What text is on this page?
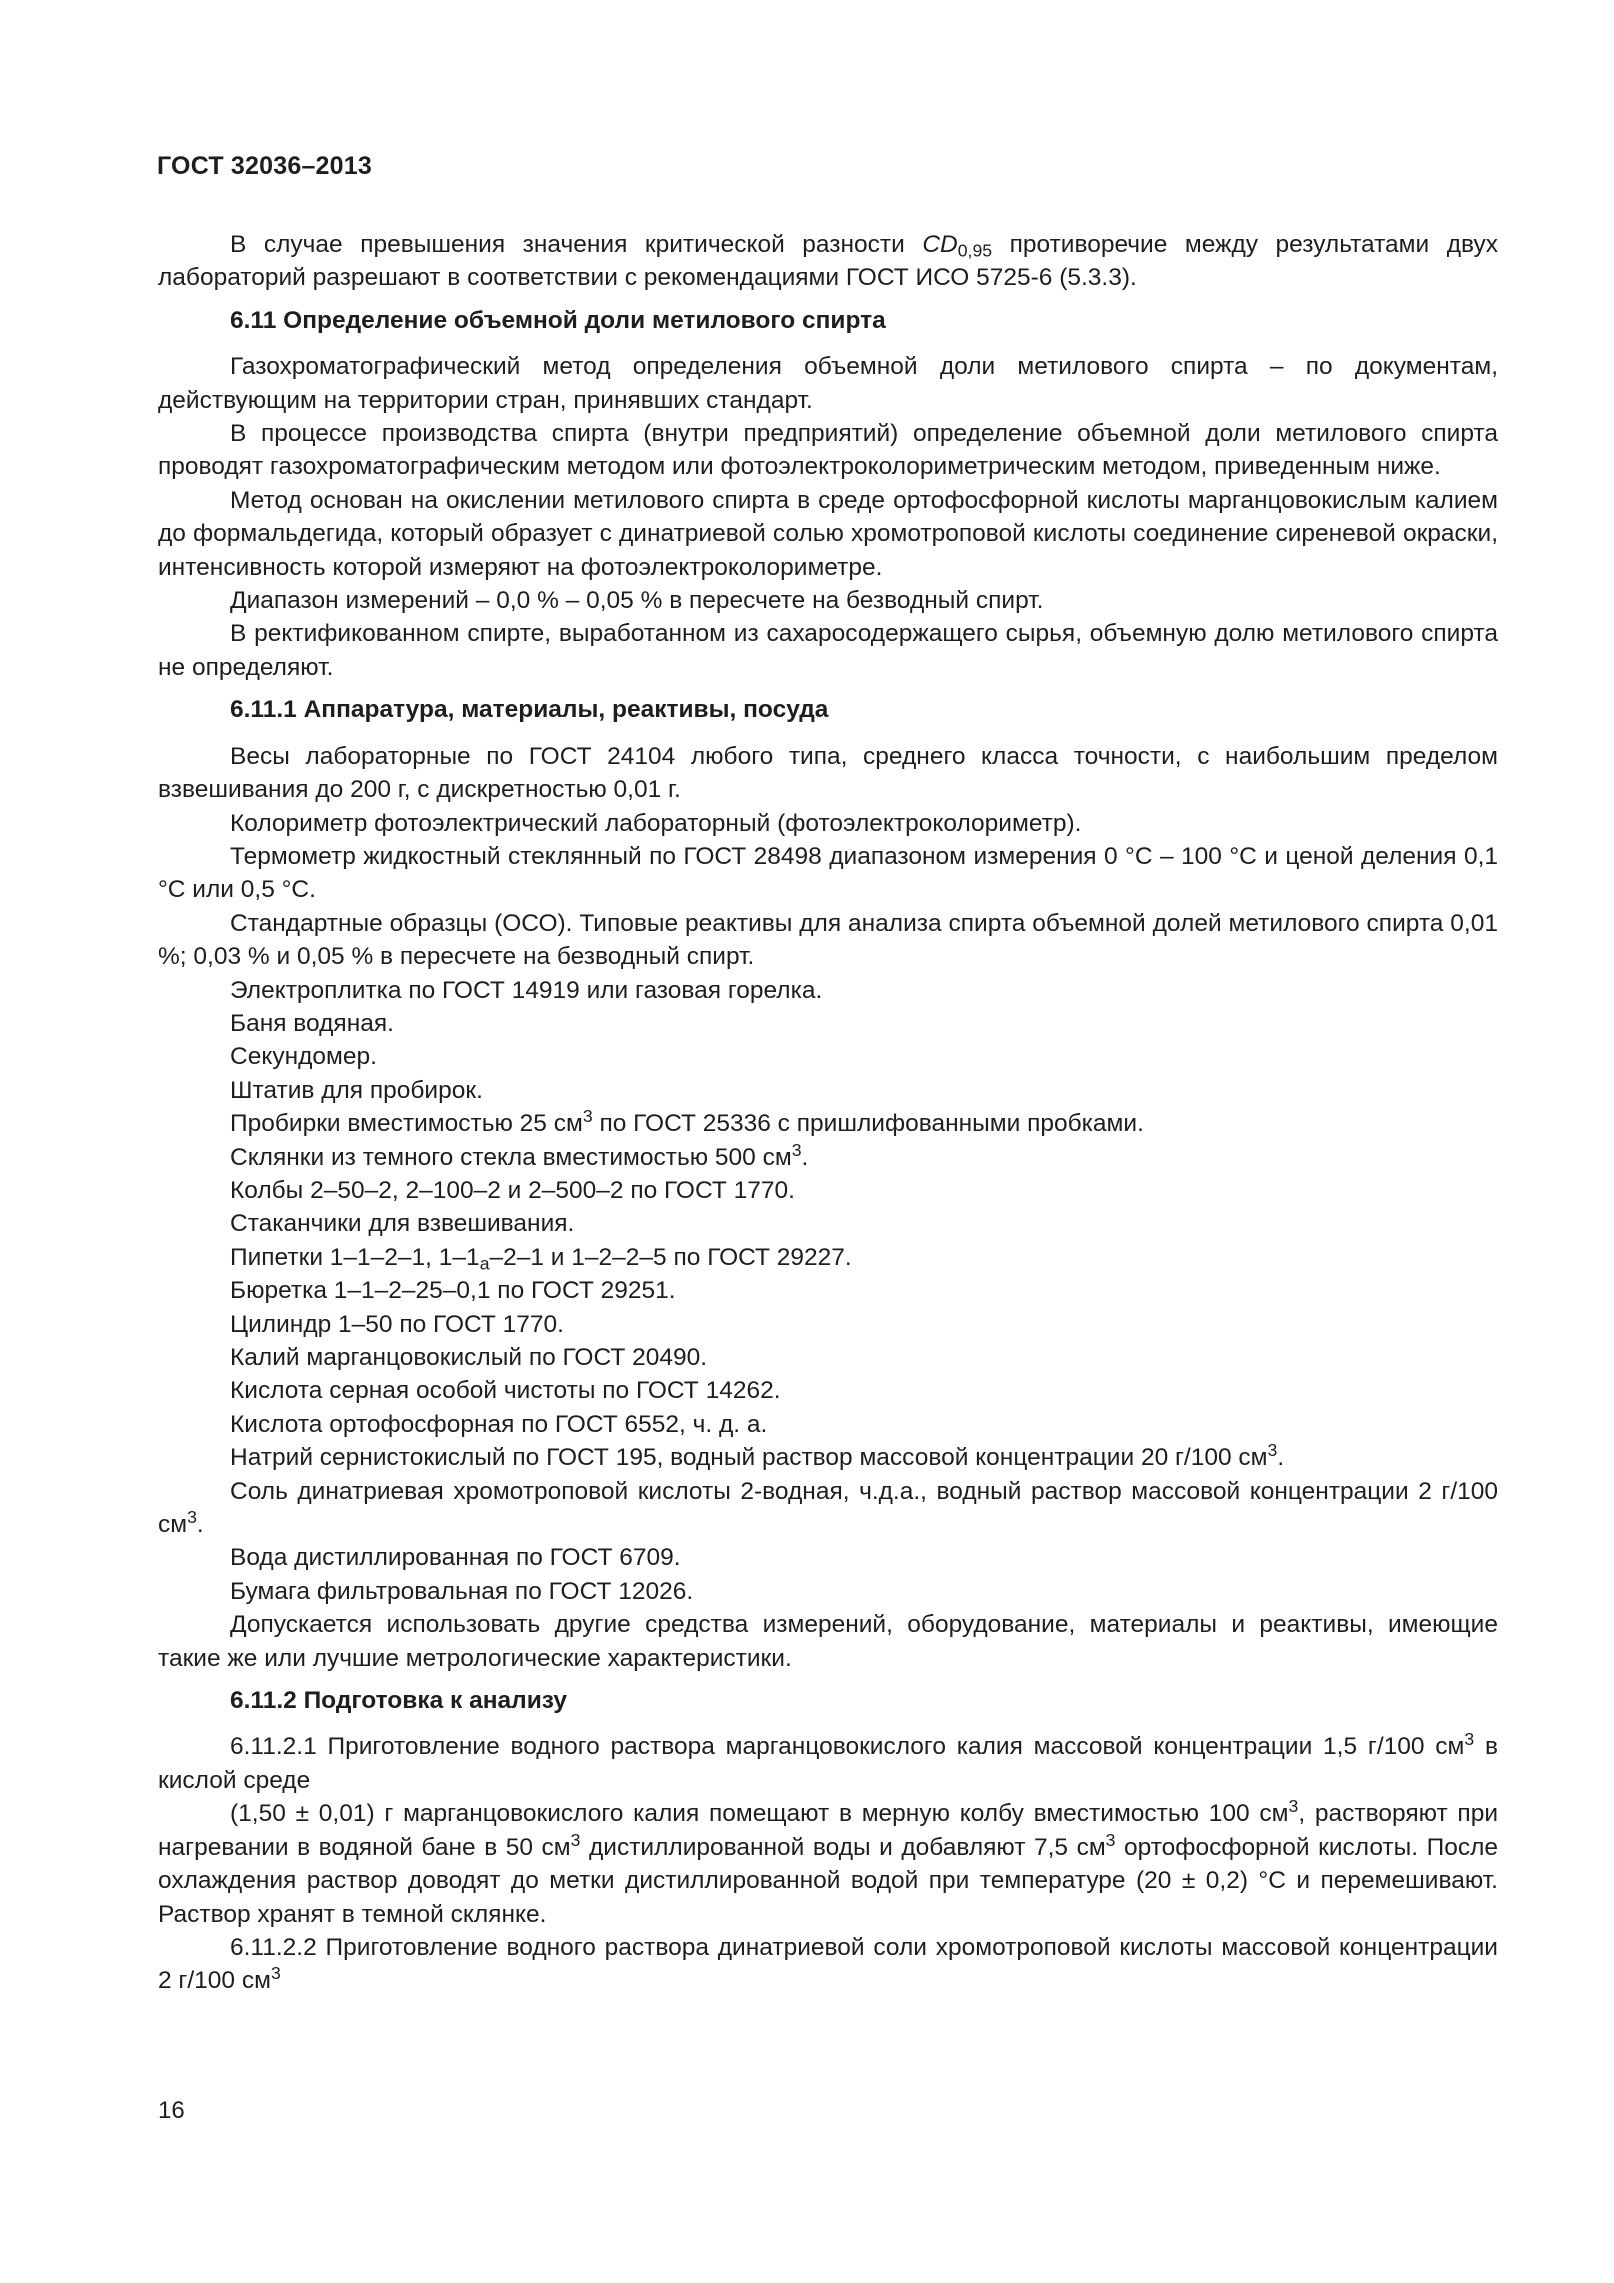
ГОСТ 32036–2013

В случае превышения значения критической разности $CD_{0,95}$ противоречие между результатами двух лабораторий разрешают в соответствии с рекомендациями ГОСТ ИСО 5725-6 (5.3.3).

6.11 Определение объемной доли метилового спирта

Газохроматографический метод определения объемной доли метилового спирта – по документам, действующим на территории стран, принявших стандарт.

В процессе производства спирта (внутри предприятий) определение объемной доли метилового спирта проводят газохроматографическим методом или фотоэлектроколориметрическим методом, приведенным ниже.

Метод основан на окислении метилового спирта в среде ортофосфорной кислоты марганцовокислым калием до формальдегида, который образует с динатриевой солью хромотроповой кислоты соединение сиреневой окраски, интенсивность которой измеряют на фотоэлектроколориметре.

Диапазон измерений – 0,0 % – 0,05 % в пересчете на безводный спирт.

В ректификованном спирте, выработанном из сахаросодержащего сырья, объемную долю метилового спирта не определяют.

6.11.1 Аппаратура, материалы, реактивы, посуда

Весы лабораторные по ГОСТ 24104 любого типа, среднего класса точности, с наибольшим пределом взвешивания до 200 г, с дискретностью 0,01 г.

Колориметр фотоэлектрический лабораторный (фотоэлектроколориметр).

Термометр жидкостный стеклянный по ГОСТ 28498 диапазоном измерения 0 °С – 100 °С и ценой деления 0,1 °С или 0,5 °С.

Стандартные образцы (ОСО). Типовые реактивы для анализа спирта объемной долей метилового спирта 0,01 %; 0,03 % и 0,05 % в пересчете на безводный спирт.

Электроплитка по ГОСТ 14919 или газовая горелка.

Баня водяная.

Секундомер.

Штатив для пробирок.

Пробирки вместимостью 25 $см^3$ по ГОСТ 25336 с пришлифованными пробками.

Склянки из темного стекла вместимостью 500 $см^3$.

Колбы 2–50–2, 2–100–2 и 2–500–2 по ГОСТ 1770.

Стаканчики для взвешивания.

Пипетки 1–1–2–1, $1-1_а-2-1$ и 1–2–2–5 по ГОСТ 29227.

Бюретка 1–1–2–25–0,1 по ГОСТ 29251.

Цилиндр 1–50 по ГОСТ 1770.

Калий марганцовокислый по ГОСТ 20490.

Кислота серная особой чистоты по ГОСТ 14262.

Кислота ортофосфорная по ГОСТ 6552, ч. д. а.

Натрий сернистокислый по ГОСТ 195, водный раствор массовой концентрации 20 г/100 $см^3$.

Соль динатриевая хромотроповой кислоты 2-водная, ч.д.а., водный раствор массовой концентрации 2 г/100 $см^3$.

Вода дистиллированная по ГОСТ 6709.

Бумага фильтровальная по ГОСТ 12026.

Допускается использовать другие средства измерений, оборудование, материалы и реактивы, имеющие такие же или лучшие метрологические характеристики.

6.11.2 Подготовка к анализу

6.11.2.1 Приготовление водного раствора марганцовокислого калия массовой концентрации 1,5 г/100 $см^3$ в кислой среде

(1,50 ± 0,01) г марганцовокислого калия помещают в мерную колбу вместимостью 100 $см^3$, растворяют при нагревании в водяной бане в 50 $см^3$ дистиллированной воды и добавляют 7,5 $см^3$ ортофосфорной кислоты. После охлаждения раствор доводят до метки дистиллированной водой при температуре (20 ± 0,2) °С и перемешивают. Раствор хранят в темной склянке.

6.11.2.2 Приготовление водного раствора динатриевой соли хромотроповой кислоты массовой концентрации 2 г/100 $см^3$

16
